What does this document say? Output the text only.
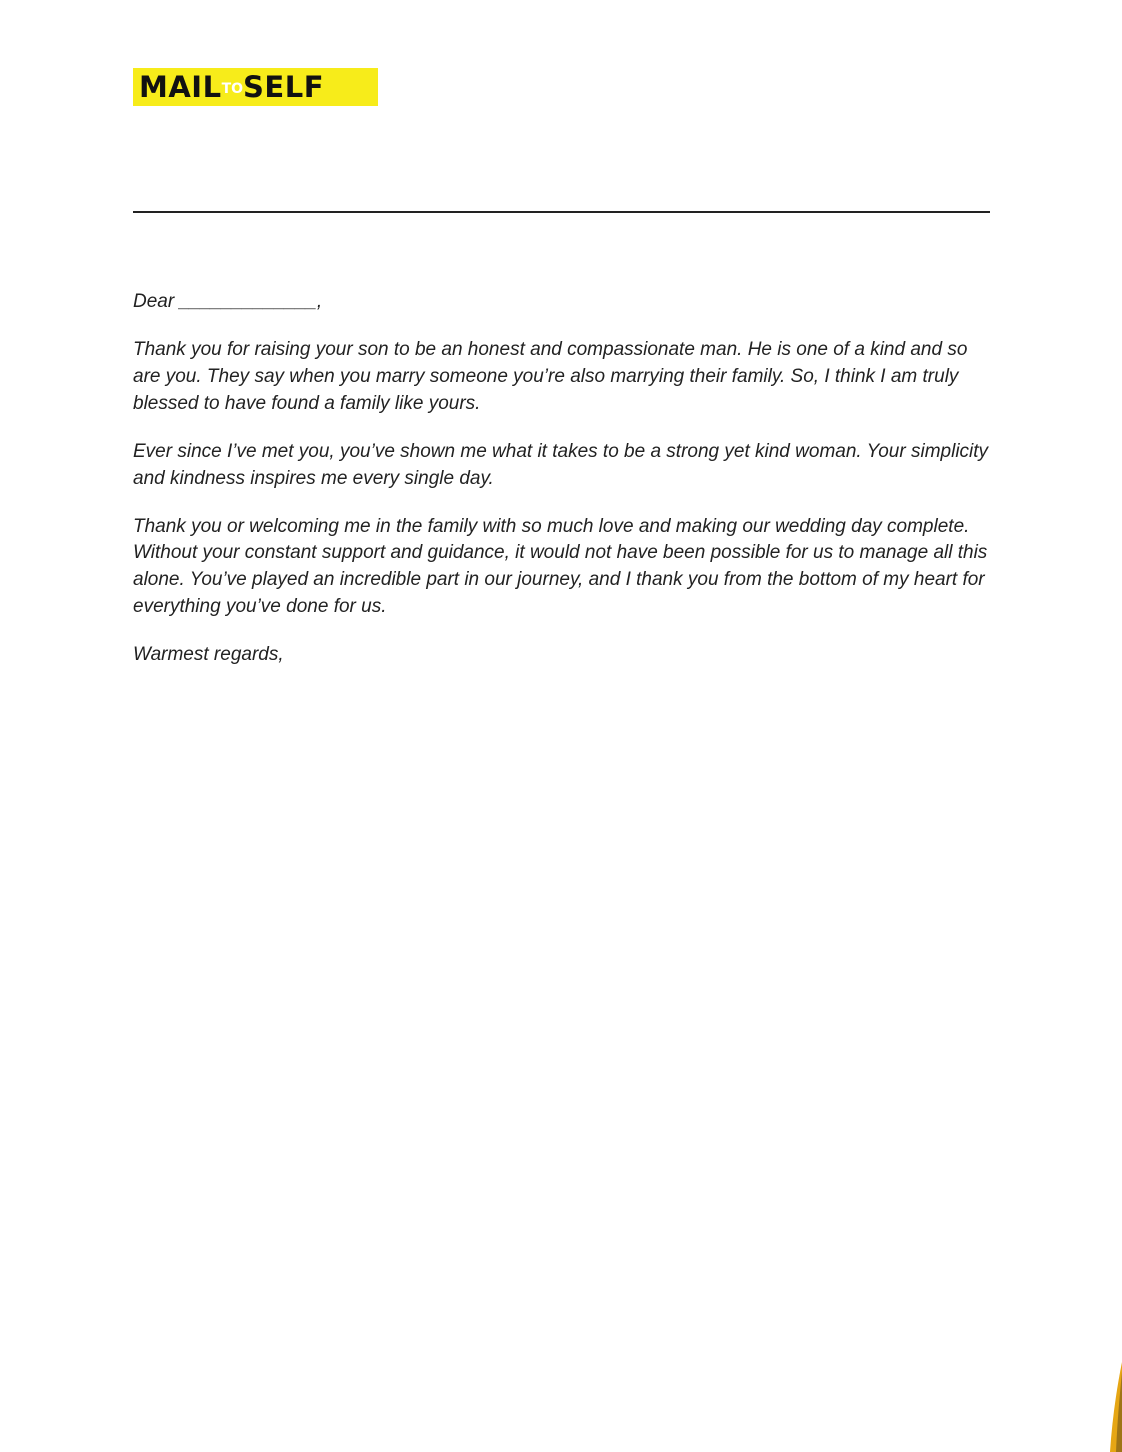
MAILTOSELF

Dear _____________,

Thank you for raising your son to be an honest and compassionate man. He is one of a kind and so are you. They say when you marry someone you’re also marrying their family. So, I think I am truly blessed to have found a family like yours.

Ever since I’ve met you, you’ve shown me what it takes to be a strong yet kind woman. Your simplicity and kindness inspires me every single day.

Thank you or welcoming me in the family with so much love and making our wedding day complete. Without your constant support and guidance, it would not have been possible for us to manage all this alone. You’ve played an incredible part in our journey, and I thank you from the bottom of my heart for everything you’ve done for us.

Warmest regards,
